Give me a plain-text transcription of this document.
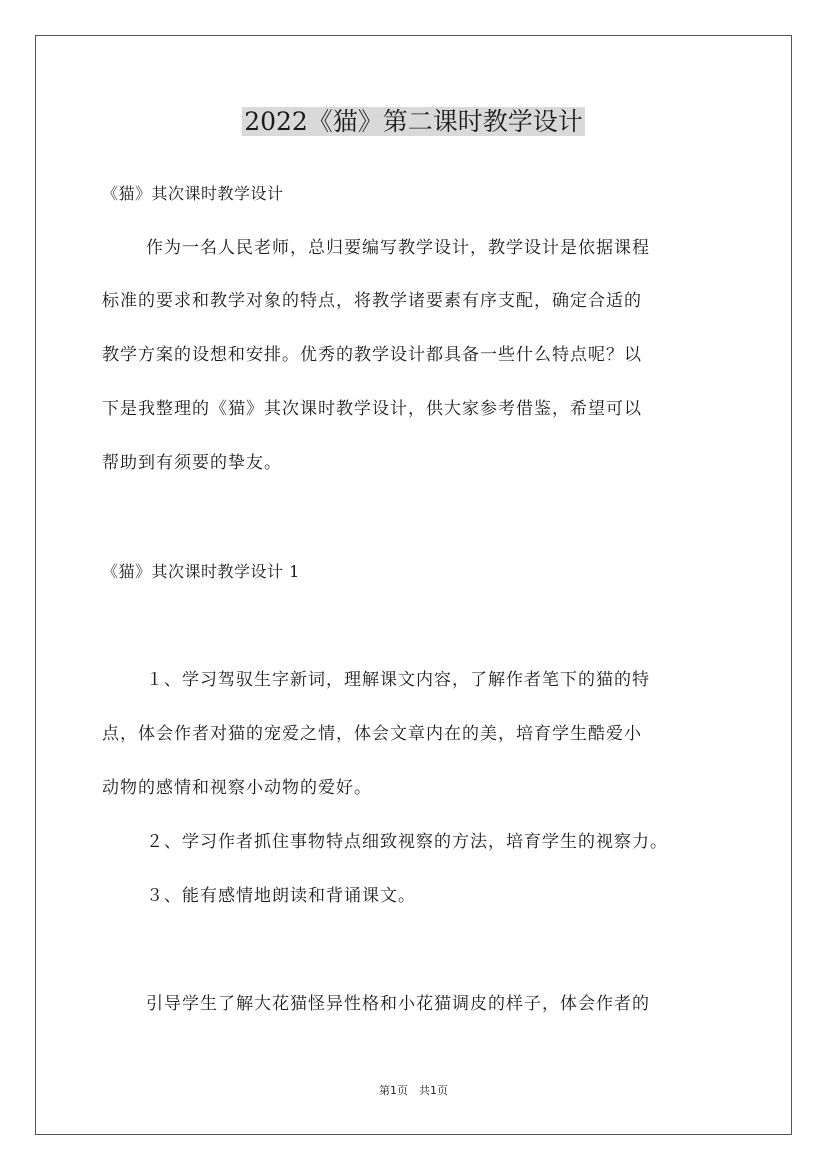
2022《猫》第二课时教学设计
《猫》其次课时教学设计
作为一名人民老师，总归要编写教学设计，教学设计是依据课程
标准的要求和教学对象的特点，将教学诸要素有序支配，确定合适的
教学方案的设想和安排。优秀的教学设计都具备一些什么特点呢？以
下是我整理的《猫》其次课时教学设计，供大家参考借鉴，希望可以
帮助到有须要的挚友。
《猫》其次课时教学设计 1
１、学习驾驭生字新词，理解课文内容，了解作者笔下的猫的特
点，体会作者对猫的宠爱之情，体会文章内在的美，培育学生酷爱小
动物的感情和视察小动物的爱好。
２、学习作者抓住事物特点细致视察的方法，培育学生的视察力。
３、能有感情地朗读和背诵课文。
引导学生了解大花猫怪异性格和小花猫调皮的样子，体会作者的
第1页　共1页
